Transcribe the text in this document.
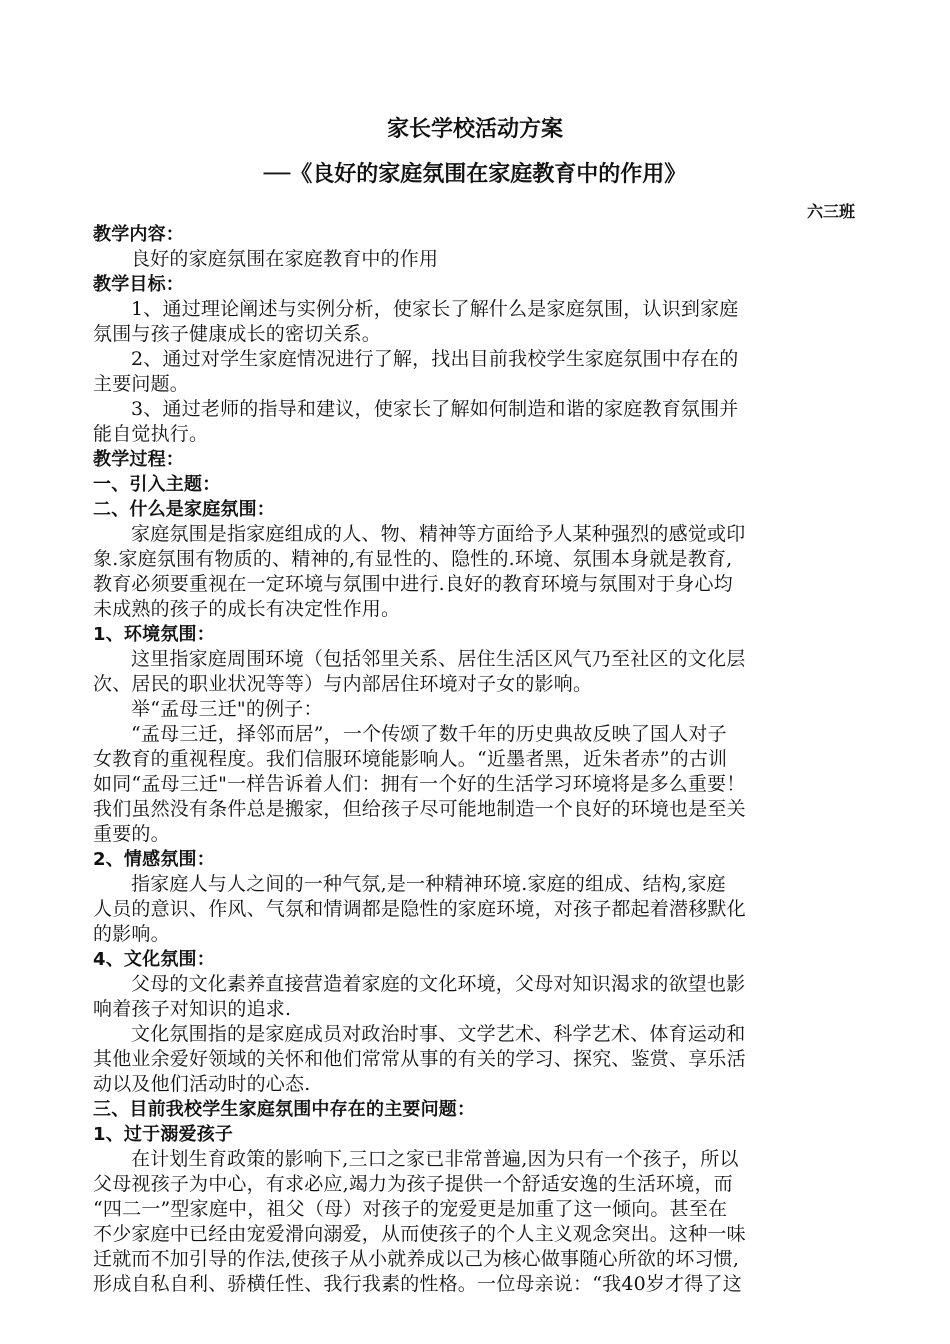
家长学校活动方案
──《良好的家庭氛围在家庭教育中的作用》
六三班
教学内容：
良好的家庭氛围在家庭教育中的作用
教学目标：
1、通过理论阐述与实例分析，使家长了解什么是家庭氛围，认识到家庭
氛围与孩子健康成长的密切关系。
2、通过对学生家庭情况进行了解，找出目前我校学生家庭氛围中存在的
主要问题。
3、通过老师的指导和建议，使家长了解如何制造和谐的家庭教育氛围并
能自觉执行。
教学过程：
一、引入主题：
二、什么是家庭氛围：
家庭氛围是指家庭组成的人、物、精神等方面给予人某种强烈的感觉或印
象.家庭氛围有物质的、精神的,有显性的、隐性的.环境、氛围本身就是教育,
教育必须要重视在一定环境与氛围中进行.良好的教育环境与氛围对于身心均
未成熟的孩子的成长有决定性作用。
1、环境氛围：
这里指家庭周围环境（包括邻里关系、居住生活区风气乃至社区的文化层
次、居民的职业状况等等）与内部居住环境对子女的影响。
举“孟母三迁"的例子：
“孟母三迁，择邻而居”，一个传颂了数千年的历史典故反映了国人对子
女教育的重视程度。我们信服环境能影响人。“近墨者黑，近朱者赤”的古训
如同“孟母三迁"一样告诉着人们：拥有一个好的生活学习环境将是多么重要！
我们虽然没有条件总是搬家，但给孩子尽可能地制造一个良好的环境也是至关
重要的。
2、情感氛围：
指家庭人与人之间的一种气氛,是一种精神环境.家庭的组成、结构,家庭
人员的意识、作风、气氛和情调都是隐性的家庭环境，对孩子都起着潜移默化
的影响。
4、文化氛围：
父母的文化素养直接营造着家庭的文化环境，父母对知识渴求的欲望也影
响着孩子对知识的追求.
文化氛围指的是家庭成员对政治时事、文学艺术、科学艺术、体育运动和
其他业余爱好领域的关怀和他们常常从事的有关的学习、探究、鉴赏、享乐活
动以及他们活动时的心态.
三、目前我校学生家庭氛围中存在的主要问题：
1、过于溺爱孩子
在计划生育政策的影响下,三口之家已非常普遍,因为只有一个孩子，所以
父母视孩子为中心，有求必应,竭力为孩子提供一个舒适安逸的生活环境，而
“四二一”型家庭中，祖父（母）对孩子的宠爱更是加重了这一倾向。甚至在
不少家庭中已经由宠爱滑向溺爱，从而使孩子的个人主义观念突出。这种一味
迁就而不加引导的作法,使孩子从小就养成以己为核心做事随心所欲的坏习惯,
形成自私自利、骄横任性、我行我素的性格。一位母亲说：“我40岁才得了这
